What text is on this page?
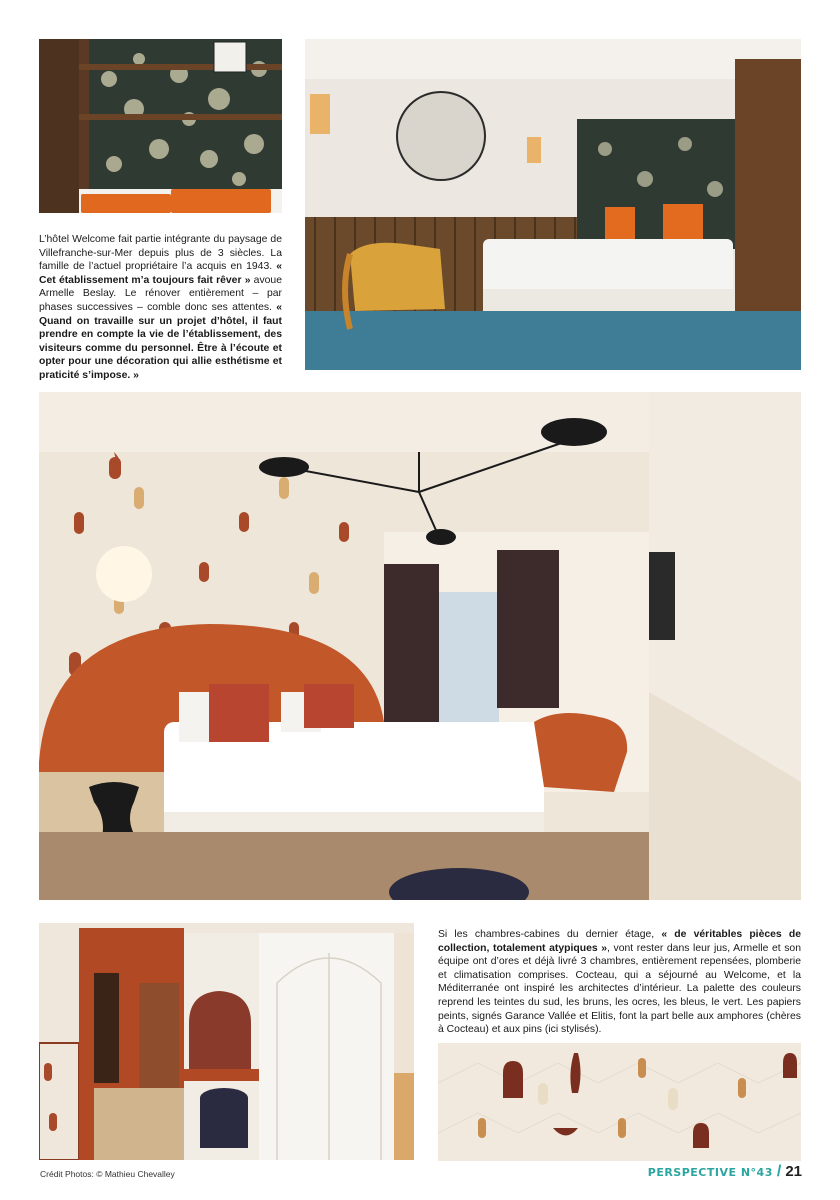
L’hôtel Welcome fait partie intégrante du paysage de Villefranche-sur-Mer depuis plus de 3 siècles. La famille de l’actuel propriétaire l’a acquis en 1943. « Cet établissement m’a toujours fait rêver » avoue Armelle Beslay. Le rénover entièrement – par phases successives – comble donc ses attentes. « Quand on travaille sur un projet d’hôtel, il faut prendre en compte la vie de l’établissement, des visiteurs comme du personnel. Être à l’écoute et opter pour une décoration qui allie esthétisme et praticité s’impose. »
Si les chambres-cabines du dernier étage, « de véritables pièces de collection, totalement atypiques », vont rester dans leur jus, Armelle et son équipe ont d’ores et déjà livré 3 chambres, entièrement repensées, plomberie et climatisation comprises. Cocteau, qui a séjourné au Welcome, et la Méditerranée ont inspiré les architectes d’intérieur. La palette des couleurs reprend les teintes du sud, les bruns, les ocres, les bleus, le vert. Les papiers peints, signés Garance Vallée et Elitis, font la part belle aux amphores (chères à Cocteau) et aux pins (ici stylisés).
Crédit Photos: © Mathieu Chevalley	PERSPECTIVE N°43 / 21
